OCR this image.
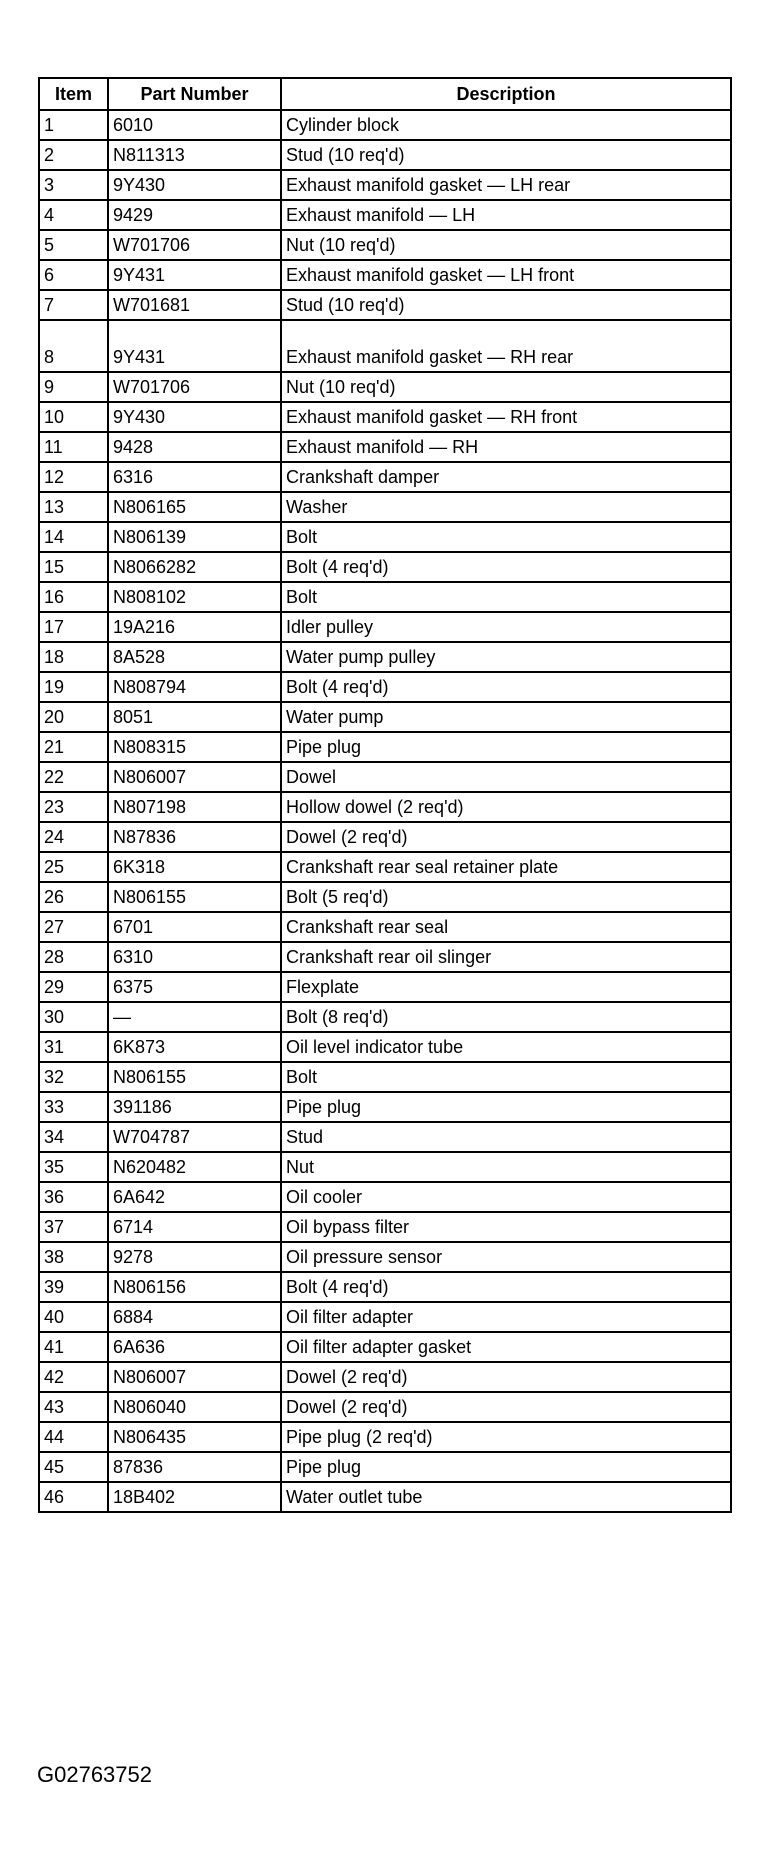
Item	Part Number	Description
1	6010	Cylinder block
2	N811313	Stud (10 req'd)
3	9Y430	Exhaust manifold gasket — LH rear
4	9429	Exhaust manifold — LH
5	W701706	Nut (10 req'd)
6	9Y431	Exhaust manifold gasket — LH front
7	W701681	Stud (10 req'd)
8	9Y431	Exhaust manifold gasket — RH rear
9	W701706	Nut (10 req'd)
10	9Y430	Exhaust manifold gasket — RH front
11	9428	Exhaust manifold — RH
12	6316	Crankshaft damper
13	N806165	Washer
14	N806139	Bolt
15	N8066282	Bolt (4 req'd)
16	N808102	Bolt
17	19A216	Idler pulley
18	8A528	Water pump pulley
19	N808794	Bolt (4 req'd)
20	8051	Water pump
21	N808315	Pipe plug
22	N806007	Dowel
23	N807198	Hollow dowel (2 req'd)
24	N87836	Dowel (2 req'd)
25	6K318	Crankshaft rear seal retainer plate
26	N806155	Bolt (5 req'd)
27	6701	Crankshaft rear seal
28	6310	Crankshaft rear oil slinger
29	6375	Flexplate
30	—	Bolt (8 req'd)
31	6K873	Oil level indicator tube
32	N806155	Bolt
33	391186	Pipe plug
34	W704787	Stud
35	N620482	Nut
36	6A642	Oil cooler
37	6714	Oil bypass filter
38	9278	Oil pressure sensor
39	N806156	Bolt (4 req'd)
40	6884	Oil filter adapter
41	6A636	Oil filter adapter gasket
42	N806007	Dowel (2 req'd)
43	N806040	Dowel (2 req'd)
44	N806435	Pipe plug (2 req'd)
45	87836	Pipe plug
46	18B402	Water outlet tube
G02763752
